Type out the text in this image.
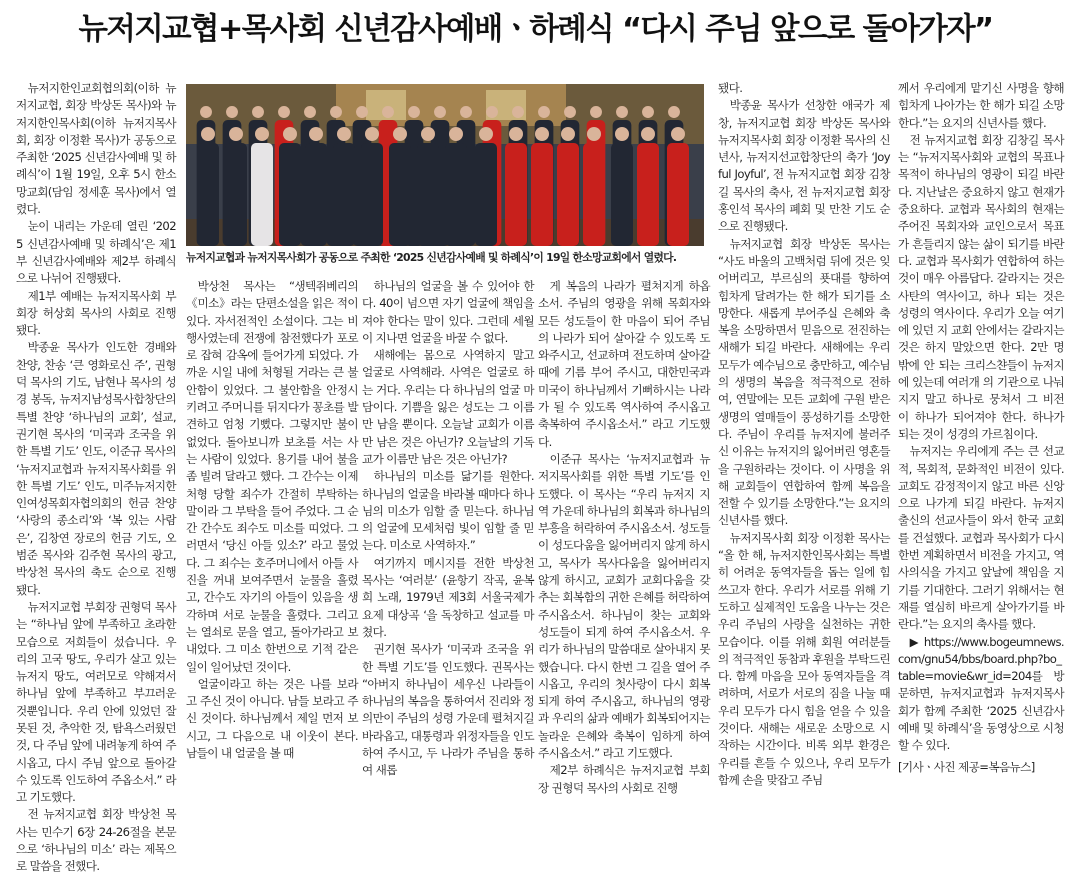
뉴저지교협+목사회 신년감사예배ㆍ하례식 “다시 주님 앞으로 돌아가자”

뉴저지한인교회협의회(이하 뉴저지교협, 회장 박상돈 목사)와 뉴저지한인목사회(이하 뉴저지목사회, 회장 이정환 목사)가 공동으로 주최한 ‘2025 신년감사예배 및 하례식’이 1월 19일, 오후 5시 한소망교회(담임 정세훈 목사)에서 열렸다.

눈이 내리는 가운데 열린 ‘2025 신년감사예배 및 하례식’은 제1부 신년감사예배와 제2부 하례식으로 나뉘어 진행됐다.

제1부 예배는 뉴저지목사회 부회장 허상회 목사의 사회로 진행됐다.

박종윤 목사가 인도한 경배와 찬양, 찬송 ‘큰 영화로신 주’, 권형덕 목사의 기도, 남현나 목사의 성경 봉독, 뉴저지남성목사합창단의 특별 찬양 ‘하나님의 교회’, 설교, 권기현 목사의 ‘미국과 조국을 위한 특별 기도’ 인도, 이준규 목사의 ‘뉴저지교협과 뉴저지목사회를 위한 특별 기도’ 인도, 미주뉴저지한인여성목회자협의회의 헌금 찬양 ‘사랑의 종소리’와 ‘복 있는 사람은’, 김창연 장로의 헌금 기도, 오범준 목사와 김주현 목사의 광고, 박상천 목사의 축도 순으로 진행됐다.

뉴저지교협 부회장 권형덕 목사는 “하나님 앞에 부족하고 초라한 모습으로 저희들이 섰습니다. 우리의 고국 땅도, 우리가 살고 있는 뉴저지 땅도, 여러모로 약해져서 하나님 앞에 부족하고 부끄러운 것뿐입니다. 우리 안에 있었던 잘못된 것, 추악한 것, 탐욕스러웠던 것, 다 주님 앞에 내려놓게 하여 주시옵고, 다시 주님 앞으로 돌아갈 수 있도록 인도하여 주옵소서.” 라고 기도했다.

전 뉴저지교협 회장 박상천 목사는 민수기 6장 24-26절을 본문으로 ‘하나님의 미소’ 라는 제목으로 말씀을 전했다.

뉴저지교협과 뉴저지목사회가 공동으로 주최한 ‘2025 신년감사예배 및 하례식’이 19일 한소망교회에서 열렸다.

박상천 목사는 “생텍쥐베리의 《미소》라는 단편소설을 읽은 적이 있다. 자서전적인 소설이다. 그는 비행사였는데 전쟁에 참전했다가 포로로 잡혀 감옥에 들어가게 되었다. 가까운 시일 내에 처형될 거라는 큰 불안함이 있었다. 그 불안함을 안정시키려고 주머니를 뒤지다가 꽁초를 발견하고 엄청 기뻤다. 그렇지만 불이 없었다. 돌아보니까 보초를 서는 사는 사람이 있었다. 용기를 내어 불을 좀 빌려 달라고 했다. 그 간수는 이제 처형 당할 죄수가 간절히 부탁하는 말이라 그 부탁을 들어 주었다. 그 순간 간수도 죄수도 미소를 띠었다. 그러면서 ‘당신 아들 있소?’ 라고 물었다. 그 죄수는 호주머니에서 아들 사진을 꺼내 보여주면서 눈물을 흘렸고, 간수도 자기의 아들이 있음을 생각하며 서로 눈물을 흘렸다. 그리고는 열쇠로 문을 열고, 돌아가라고 보내었다. 그 미소 한번으로 기적 같은 일이 일어났던 것이다.

얼굴이라고 하는 것은 나를 보라고 주신 것이 아니다. 남들 보라고 주신 것이다. 하나님께서 제일 먼저 보시고, 그 다음으로 내 이웃이 본다. 남들이 내 얼굴을 볼 때

하나님의 얼굴을 볼 수 있어야 한다. 40이 넘으면 자기 얼굴에 책임을 져야 한다는 말이 있다. 그런데 세월이 지나면 얼굴을 바꿀 수 없다.

새해에는 몸으로 사역하지 말고 얼굴로 사역해라. 사역은 얼굴로 하는 거다. 우리는 다 하나님의 얼굴 마담이다. 기쁨을 잃은 성도는 그 이름만 남을 뿐이다. 오늘날 교회가 이름만 남은 것은 아닌가? 오늘날의 기독교가 이름만 남은 것은 아닌가?

하나님의 미소를 닮기를 원한다. 하나님의 얼굴을 바라볼 때마다 하나님의 미소가 임할 줄 믿는다. 하나님의 얼굴에 모세처럼 빛이 임할 줄 믿는다. 미소로 사역하자.”

여기까지 메시지를 전한 박상천 목사는 ‘여러분’ (윤항기 작곡, 윤복희 노래, 1979년 제3회 서울국제가요제 대상곡 ‘을 독창하고 설교를 마쳤다.

권기현 목사가 ‘미국과 조국을 위한 특별 기도’를 인도했다. 권목사는 “아버지 하나님이 세우신 나라들이 하나님의 복음을 통하여서 진리와 정의만이 주님의 성령 가운데 펼쳐지길 바라옵고, 대통령과 위정자들을 인도하여 주시고, 두 나라가 주님을 통하여 새롭

게 복음의 나라가 펼쳐지게 하옵소서. 주님의 영광을 위해 목회자와 모든 성도들이 한 마음이 되어 주님의 나라가 되어 살아갈 수 있도록 도와주시고, 선교하며 전도하며 살아갈 때에 기름 부어 주시고, 대한민국과 미국이 하나님께서 기뻐하시는 나라가 될 수 있도록 역사하여 주시옵고 축복하여 주시옵소서.” 라고 기도했다.

이준규 목사는 ‘뉴저지교협과 뉴저지목사회를 위한 특별 기도’를 인도했다. 이 목사는 “우리 뉴저지 지역 가운데 하나님의 회복과 하나님의 부흥을 허락하여 주시옵소서. 성도들이 성도다움을 잃어버리지 않게 하시고, 목사가 목사다움을 잃어버리지 않게 하시고, 교회가 교회다움을 갖추는 회복함의 귀한 은혜를 허락하여 주시옵소서. 하나님이 찾는 교회와 성도들이 되게 하여 주시옵소서. 우리가 하나님의 말씀대로 살아내지 못했습니다. 다시 한번 그 길을 열어 주시옵고, 우리의 첫사랑이 다시 회복되게 하여 주시옵고, 하나님의 영광과 우리의 삶과 예배가 회복되어지는 놀라운 은혜와 축복이 임하게 하여 주시옵소서.” 라고 기도했다.

제2부 하례식은 뉴저지교협 부회장 권형덕 목사의 사회로 진행

됐다.

박종윤 목사가 선창한 애국가 제창, 뉴저지교협 회장 박상돈 목사와 뉴저지목사회 회장 이정환 목사의 신년사, 뉴저지선교합창단의 축가 ‘Joyful Joyful’, 전 뉴저지교협 회장 김창길 목사의 축사, 전 뉴저지교협 회장 홍인석 목사의 폐회 및 만찬 기도 순으로 진행됐다.

뉴저지교협 회장 박상돈 목사는 “사도 바울의 고백처럼 뒤에 것은 잊어버리고, 부르심의 푯대를 향하여 힘차게 달려가는 한 해가 되기를 소망한다. 새롭게 부어주실 은혜와 축복을 소망하면서 믿음으로 전진하는 새해가 되길 바란다. 새해에는 우리 모두가 예수님으로 충만하고, 예수님의 생명의 복음을 적극적으로 전하여, 연말에는 모든 교회에 구원 받은 생명의 열매들이 풍성하기를 소망한다. 주님이 우리를 뉴저지에 불러주신 이유는 뉴저지의 잃어버린 영혼들을 구원하라는 것이다. 이 사명을 위해 교회들이 연합하여 함께 복음을 전할 수 있기를 소망한다.”는 요지의 신년사를 했다.

뉴저지목사회 회장 이정환 목사는 “올 한 해, 뉴저지한인목사회는 특별히 어려운 동역자들을 돕는 일에 힘쓰고자 한다. 우리가 서로를 위해 기도하고 실제적인 도움을 나누는 것은 우리 주님의 사랑을 실천하는 귀한 모습이다. 이를 위해 회원 여러분들의 적극적인 동참과 후원을 부탁드린다. 함께 마음을 모아 동역자들을 격려하며, 서로가 서로의 짐을 나눌 때 우리 모두가 다시 힘을 얻을 수 있을 것이다. 새해는 새로운 소망으로 시작하는 시간이다. 비록 외부 환경은 우리를 흔들 수 있으나, 우리 모두가 함께 손을 맞잡고 주님

께서 우리에게 맡기신 사명을 향해 힘차게 나아가는 한 해가 되길 소망한다.”는 요지의 신년사를 했다.

전 뉴저지교협 회장 김창길 목사는 “뉴저지목사회와 교협의 목표나 목적이 하나님의 영광이 되길 바란다. 지난날은 중요하지 않고 현재가 중요하다. 교협과 목사회의 현재는 주어진 목회자와 교인으로서 목표가 흔들리지 않는 삶이 되기를 바란다. 교협과 목사회가 연합하여 하는 것이 매우 아름답다. 갈라지는 것은 사탄의 역사이고, 하나 되는 것은 성령의 역사이다. 우리가 오늘 여기에 있던 지 교회 안에서는 갈라지는 것은 하지 말았으면 한다. 2만 명 밖에 안 되는 크리스챤들이 뉴저지에 있는데 여러개 의 기관으로 나눠지지 말고 하나로 뭉쳐서 그 비전 이 하나가 되어져야 한다. 하나가 되는 것이 성경의 가르침이다.

뉴저지는 우리에게 주는 큰 선교적, 목회적, 문화적인 비전이 있다. 교회도 감정적이지 않고 바른 신앙으로 나가게 되길 바란다. 뉴저지 출신의 선교사들이 와서 한국 교회를 건설했다. 교협과 목사회가 다시 한번 계획하면서 비전을 가지고, 역사의식을 가지고 앞날에 책임을 지기를 기대한다. 그러기 위해서는 현재를 열심히 바르게 살아가기를 바란다.”는 요지의 축사를 했다.

▶ https://www.bogeumnews.com/gnu54/bbs/board.php?bo_table=movie&wr_id=204를 방문하면, 뉴저지교협과 뉴저지목사회가 함께 주최한 ‘2025 신년감사예배 및 하례식’을 동영상으로 시청할 수 있다.

[기사ㆍ사진 제공=복음뉴스]
